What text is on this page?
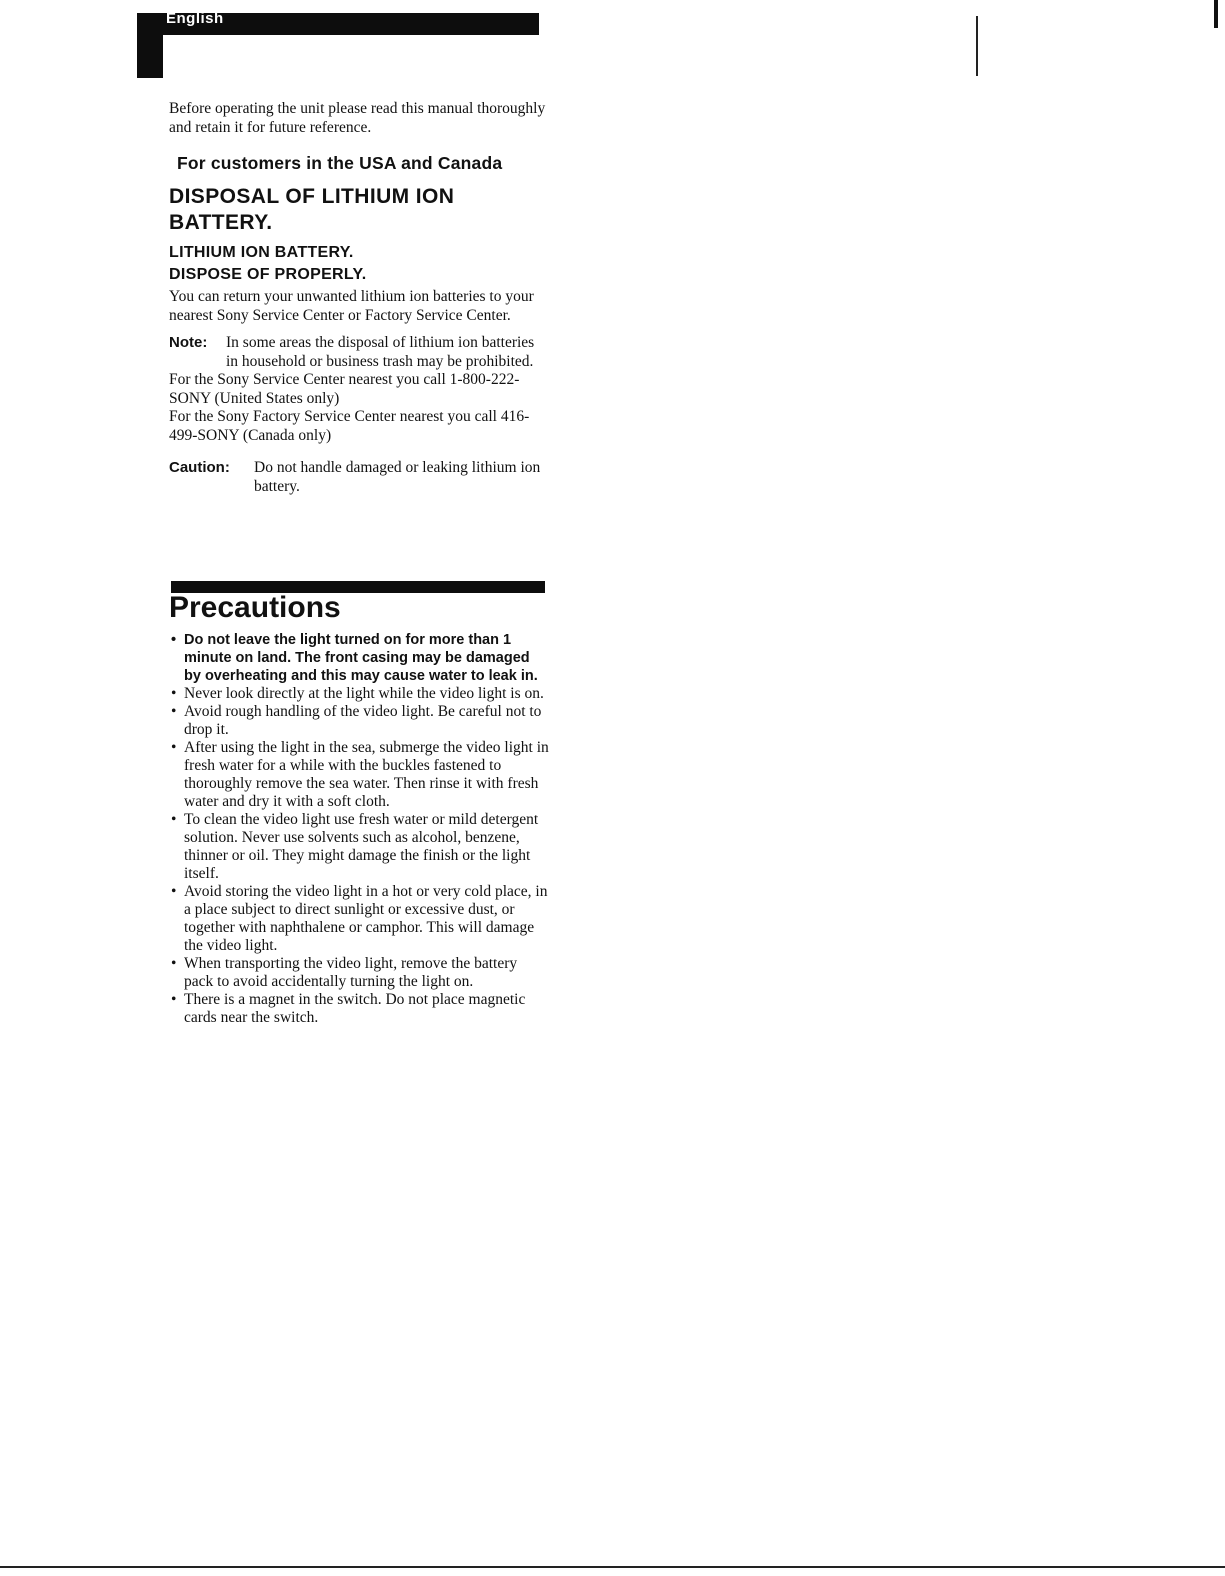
English

Before operating the unit please read this manual thoroughly and retain it for future reference.

For customers in the USA and Canada

DISPOSAL OF LITHIUM ION BATTERY.

LITHIUM ION BATTERY.

DISPOSE OF PROPERLY.

You can return your unwanted lithium ion batteries to your nearest Sony Service Center or Factory Service Center.

Note:	In some areas the disposal of lithium ion batteries in household or business trash may be prohibited.

For the Sony Service Center nearest you call 1-800-222-SONY (United States only)

For the Sony Factory Service Center nearest you call 416-499-SONY (Canada only)

Caution:	Do not handle damaged or leaking lithium ion battery.

Precautions
• Do not leave the light turned on for more than 1 minute on land. The front casing may be damaged by overheating and this may cause water to leak in.
• Never look directly at the light while the video light is on.
• Avoid rough handling of the video light. Be careful not to drop it.
• After using the light in the sea, submerge the video light in fresh water for a while with the buckles fastened to thoroughly remove the sea water. Then rinse it with fresh water and dry it with a soft cloth.
• To clean the video light use fresh water or mild detergent solution. Never use solvents such as alcohol, benzene, thinner or oil. They might damage the finish or the light itself.
• Avoid storing the video light in a hot or very cold place, in a place subject to direct sunlight or excessive dust, or together with naphthalene or camphor. This will damage the video light.
• When transporting the video light, remove the battery pack to avoid accidentally turning the light on.
• There is a magnet in the switch. Do not place magnetic cards near the switch.
